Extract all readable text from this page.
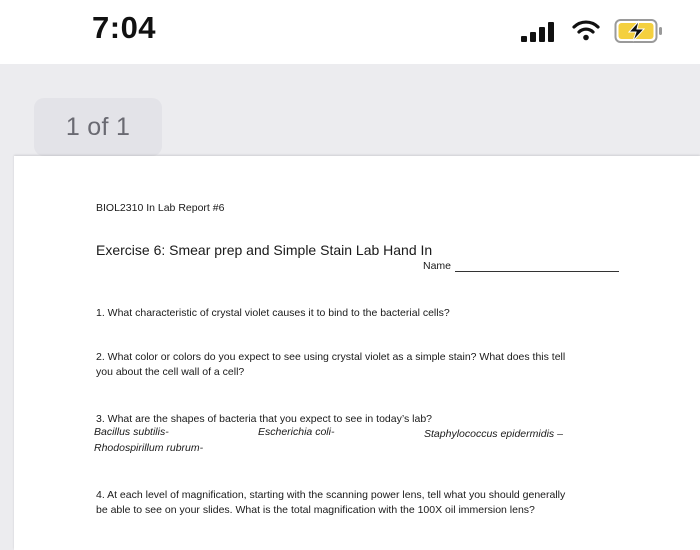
7:04
1 of 1
BIOL2310 In Lab Report #6
Exercise 6: Smear prep and Simple Stain Lab Hand In
Name
1. What characteristic of crystal violet causes it to bind to the bacterial cells?
2. What color or colors do you expect to see using crystal violet as a simple stain? What does this tell
you about the cell wall of a cell?
3. What are the shapes of bacteria that you expect to see in today’s lab?
Bacillus subtilis-	Escherichia coli-	Staphylococcus epidermidis –
Rhodospirillum rubrum-
4. At each level of magnification, starting with the scanning power lens, tell what you should generally
be able to see on your slides. What is the total magnification with the 100X oil immersion lens?
